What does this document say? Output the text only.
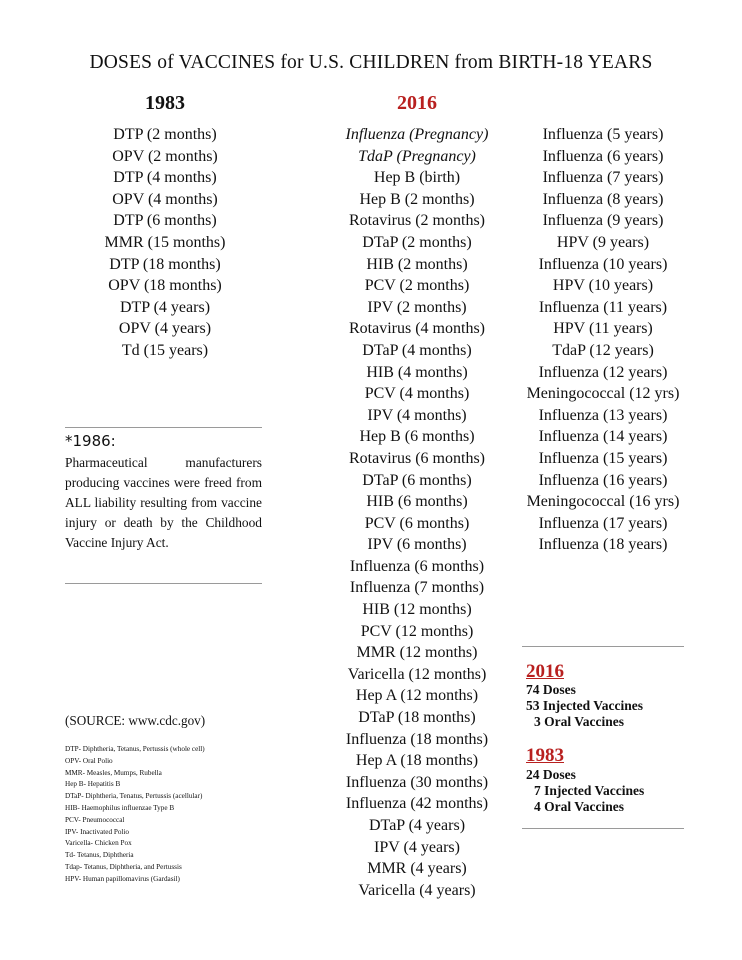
DOSES of VACCINES for U.S. CHILDREN from BIRTH-18 YEARS
1983	2016
DTP (2 months)
OPV (2 months)
DTP (4 months)
OPV (4 months)
DTP (6 months)
MMR (15 months)
DTP (18 months)
OPV (18 months)
DTP (4 years)
OPV (4 years)
Td (15 years)
Influenza (Pregnancy)
TdaP (Pregnancy)
Hep B (birth)
Hep B (2 months)
Rotavirus (2 months)
DTaP (2 months)
HIB (2 months)
PCV (2 months)
IPV (2 months)
Rotavirus (4 months)
DTaP (4 months)
HIB (4 months)
PCV (4 months)
IPV (4 months)
Hep B (6 months)
Rotavirus (6 months)
DTaP (6 months)
HIB (6 months)
PCV (6 months)
IPV (6 months)
Influenza (6 months)
Influenza (7 months)
HIB (12 months)
PCV (12 months)
MMR (12 months)
Varicella (12 months)
Hep A (12 months)
DTaP (18 months)
Influenza (18 months)
Hep A (18 months)
Influenza (30 months)
Influenza (42 months)
DTaP (4 years)
IPV (4 years)
MMR (4 years)
Varicella (4 years)
Influenza (5 years)
Influenza (6 years)
Influenza (7 years)
Influenza (8 years)
Influenza (9 years)
HPV (9 years)
Influenza (10 years)
HPV (10 years)
Influenza (11 years)
HPV (11 years)
TdaP (12 years)
Influenza (12 years)
Meningococcal (12 yrs)
Influenza (13 years)
Influenza (14 years)
Influenza (15 years)
Influenza (16 years)
Meningococcal (16 yrs)
Influenza (17 years)
Influenza (18 years)
*1986:
Pharmaceutical manufacturers producing vaccines were freed from ALL liability resulting from vaccine injury or death by the Childhood Vaccine Injury Act.
(SOURCE: www.cdc.gov)
DTP- Diphtheria, Tetanus, Pertussis (whole cell)
OPV- Oral Polio
MMR- Measles, Mumps, Rubella
Hep B- Hepatitis B
DTaP- Diphtheria, Tenatus, Pertussis (acellular)
HIB- Haemophilus influenzae Type B
PCV- Pneumococcal
IPV- Inactivated Polio
Varicella- Chicken Pox
Td- Tetanus, Diphtheria
Tdap- Tetanus, Diphtheria, and Pertussis
HPV- Human papillomavirus (Gardasil)
2016
74 Doses
53 Injected Vaccines
3 Oral Vaccines
1983
24 Doses
7 Injected Vaccines
4 Oral Vaccines
